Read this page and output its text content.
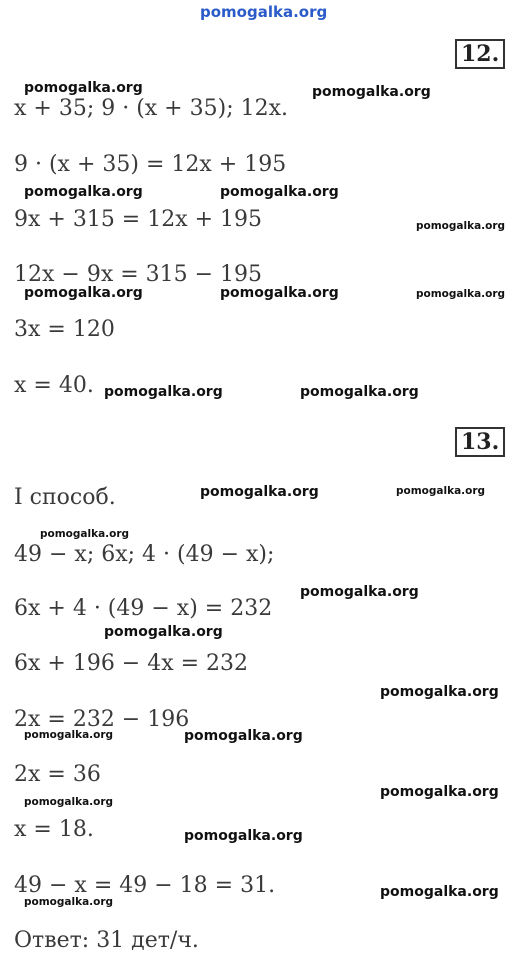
pomogalka.org
12.
x + 35; 9 · (x + 35); 12x.
9 · (x + 35) = 12x + 195
9x + 315 = 12x + 195
12x − 9x = 315 − 195
3x = 120
x = 40.
13.
I способ.
49 − x; 6x; 4 · (49 − x);
6x + 4 · (49 − x) = 232
6x + 196 − 4x = 232
2x = 232 − 196
2x = 36
x = 18.
49 − x = 49 − 18 = 31.
Ответ: 31 дет/ч.
pomogalka.org	pomogalka.org
pomogalka.org	pomogalka.org
pomogalka.org
pomogalka.org	pomogalka.org	pomogalka.org
pomogalka.org	pomogalka.org
pomogalka.org	pomogalka.org
pomogalka.org
pomogalka.org
pomogalka.org
pomogalka.org
pomogalka.org	pomogalka.org
pomogalka.org
pomogalka.org
pomogalka.org
pomogalka.org
pomogalka.org
